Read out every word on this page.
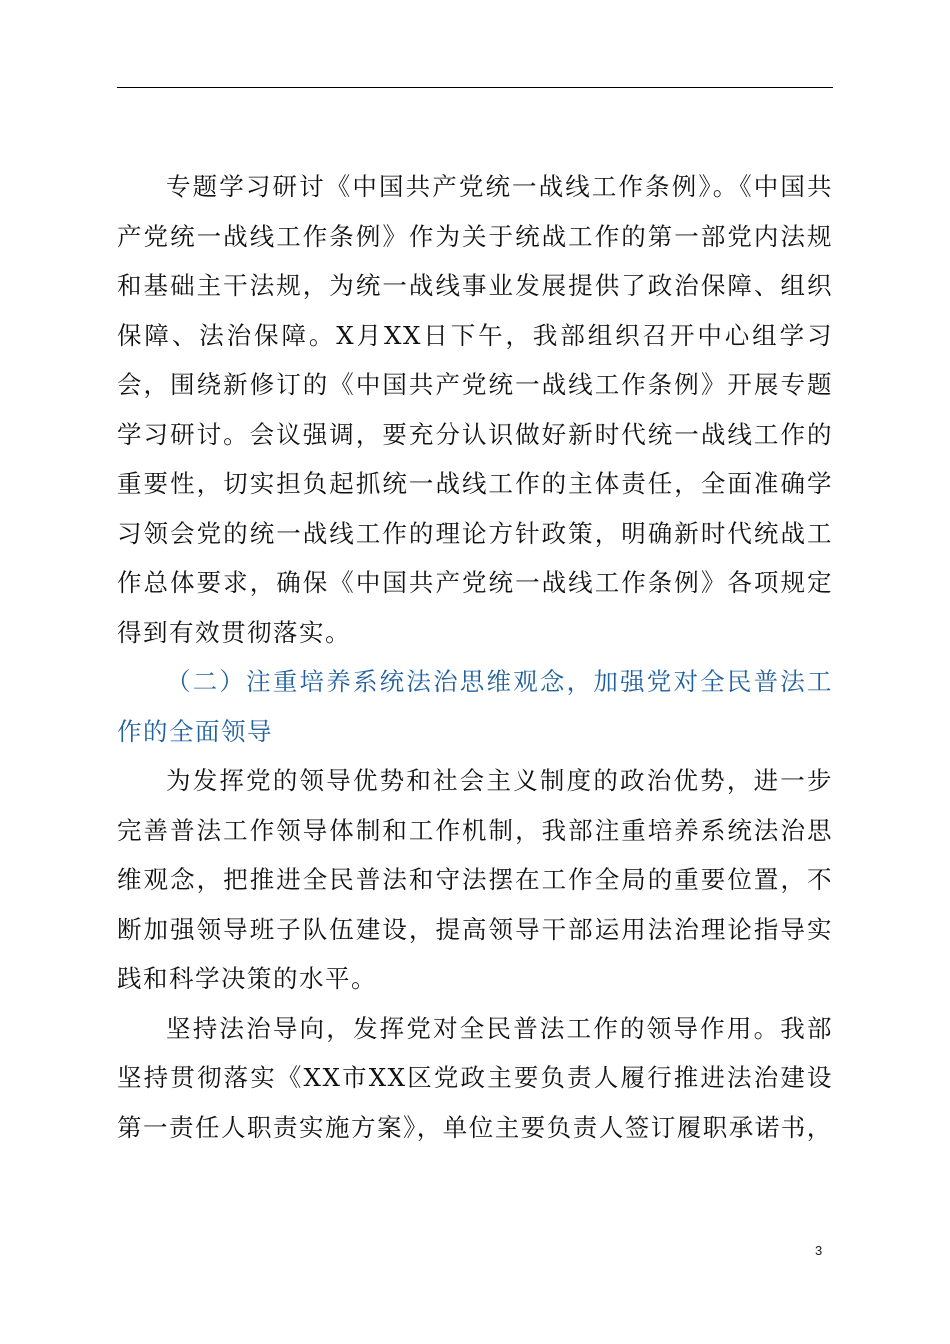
专题学习研讨《中国共产党统一战线工作条例》。《中国共产党统一战线工作条例》作为关于统战工作的第一部党内法规和基础主干法规，为统一战线事业发展提供了政治保障、组织保障、法治保障。X月XX日下午，我部组织召开中心组学习会，围绕新修订的《中国共产党统一战线工作条例》开展专题学习研讨。会议强调，要充分认识做好新时代统一战线工作的重要性，切实担负起抓统一战线工作的主体责任，全面准确学习领会党的统一战线工作的理论方针政策，明确新时代统战工作总体要求，确保《中国共产党统一战线工作条例》各项规定得到有效贯彻落实。

（二）注重培养系统法治思维观念，加强党对全民普法工作的全面领导

为发挥党的领导优势和社会主义制度的政治优势，进一步完善普法工作领导体制和工作机制，我部注重培养系统法治思维观念，把推进全民普法和守法摆在工作全局的重要位置，不断加强领导班子队伍建设，提高领导干部运用法治理论指导实践和科学决策的水平。

坚持法治导向，发挥党对全民普法工作的领导作用。我部坚持贯彻落实《XX市XX区党政主要负责人履行推进法治建设第一责任人职责实施方案》，单位主要负责人签订履职承诺书，

3
